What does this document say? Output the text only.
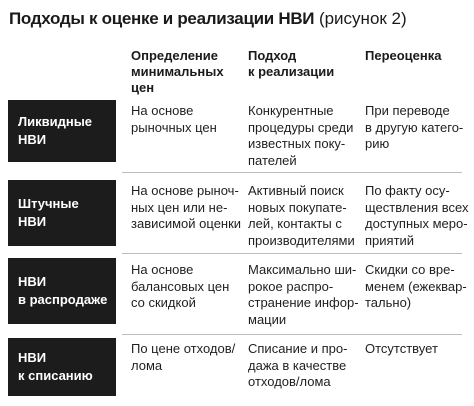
Подходы к оценке и реализации НВИ (рисунок 2)
Определение
минимальных
цен
Подход
к реализации
Переоценка
Ликвидные
НВИ
На основе
рыночных цен
Конкурентные
процедуры среди
известных поку-
пателей
При переводе
в другую катего-
рию
Штучные
НВИ
На основе рыноч-
ных цен или не-
зависимой оценки
Активный поиск
новых покупате-
лей, контакты с
производителями
По факту осу-
ществления всех
доступных меро-
приятий
НВИ
в распродаже
На основе
балансовых цен
со скидкой
Максимально ши-
рокое распро-
странение инфор-
мации
Скидки со вре-
менем (ежеквар-
тально)
НВИ
к списанию
По цене отходов/
лома
Списание и про-
дажа в качестве
отходов/лома
Отсутствует
